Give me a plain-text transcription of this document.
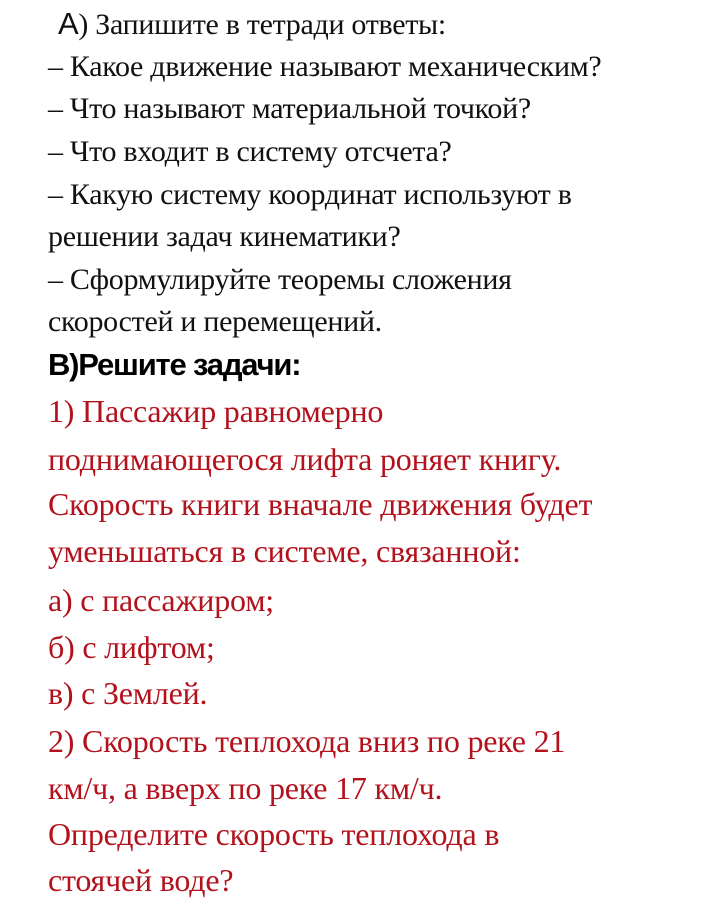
А) Запишите в тетради ответы:
– Какое движение называют механическим?
– Что называют материальной точкой?
– Что входит в систему отсчета?
– Какую систему координат используют в
решении задач кинематики?
– Сформулируйте теоремы сложения
скоростей и перемещений.
В)Решите задачи:
1) Пассажир равномерно
поднимающегося лифта роняет книгу.
Скорость книги вначале движения будет
уменьшаться в системе, связанной:
а) с пассажиром;
б) с лифтом;
в) с Землей.
2) Скорость теплохода вниз по реке 21
км/ч, а вверх по реке 17 км/ч.
Определите скорость теплохода в
стоячей воде?
